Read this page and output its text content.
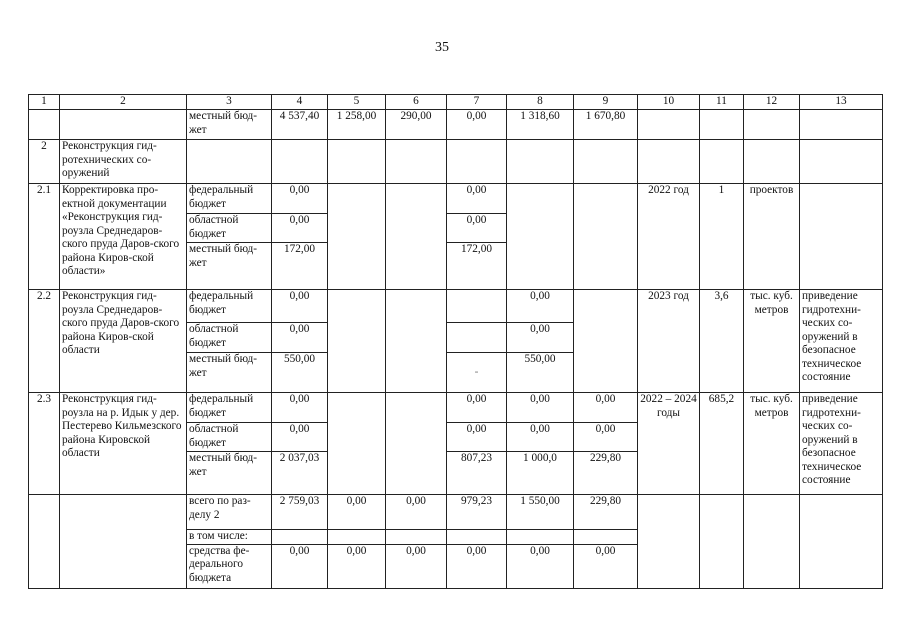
35
1	2	3	4	5	6	7	8	9	10	11	12	13
		местный бюд-жет	4 537,40	1 258,00	290,00	0,00	1 318,60	1 670,80				
2	Реконструкция гид-ротехнических со-оружений											
2.1	Корректировка про-ектной документации «Реконструкция гид-роузла Среднедаров-ского пруда Даров-ского района Киров-ской области»	федеральный бюджет	0,00			0,00			2022 год	1	проектов	
		областной бюджет	0,00			0,00						
		местный бюд-жет	172,00			172,00						
2.2	Реконструкция гид-роузла Среднедаров-ского пруда Даров-ского района Киров-ской области	федеральный бюджет	0,00				0,00		2023 год	3,6	тыс. куб. метров	приведение гидротехни-ческих со-оружений в безопасное техническое состояние
		областной бюджет	0,00				0,00					
		местный бюд-жет	550,00			-	550,00					
2.3	Реконструкция гид-роузла на р. Идык у дер. Пестерево Кильмезского района Кировской области	федеральный бюджет	0,00			0,00	0,00	0,00	2022 – 2024 годы	685,2	тыс. куб. метров	приведение гидротехни-ческих со-оружений в безопасное техническое состояние
		областной бюджет	0,00			0,00	0,00	0,00				
		местный бюд-жет	2 037,03			807,23	1 000,0	229,80				
		всего по раз-делу 2	2 759,03	0,00	0,00	979,23	1 550,00	229,80				
		в том числе:										
		средства фе-дерального бюджета	0,00	0,00	0,00	0,00	0,00	0,00				
